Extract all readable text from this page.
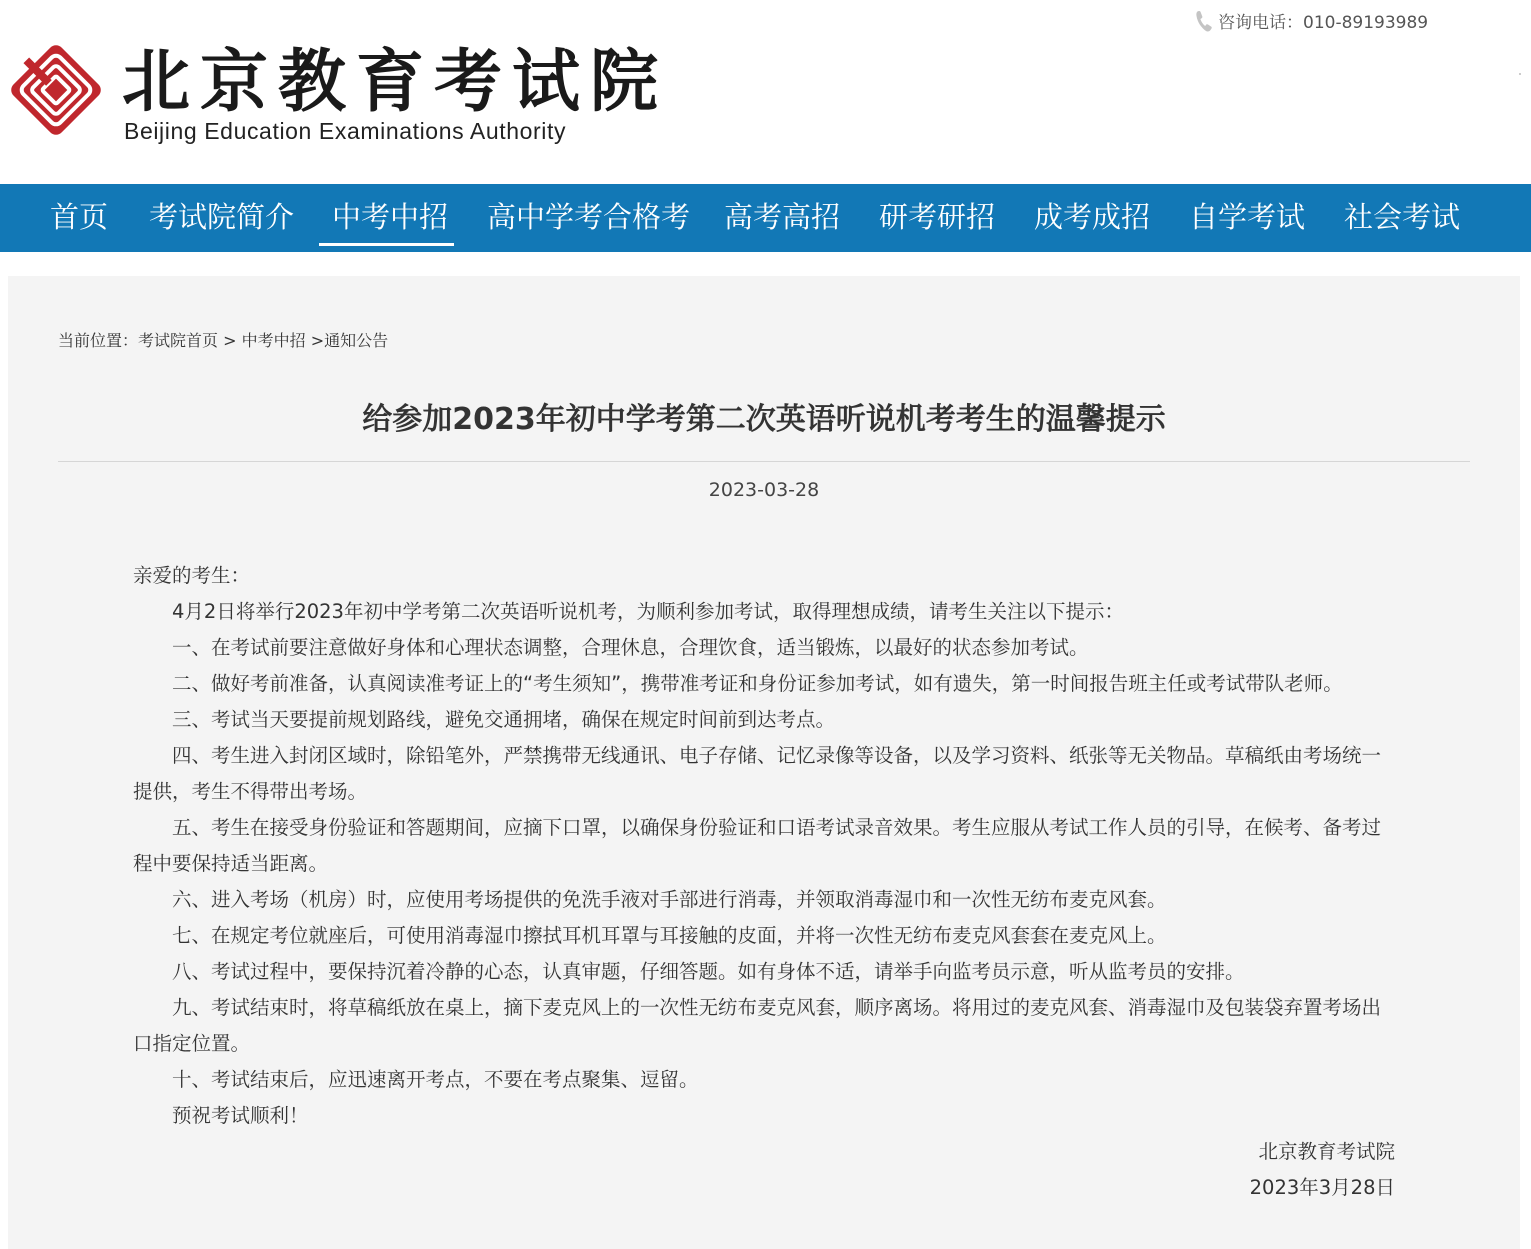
北京教育考试院
Beijing Education Examinations Authority
咨询电话：010-89193989
首页 考试院简介 中考中招 高中学考合格考 高考高招 研考研招 成考成招 自学考试 社会考试
当前位置：考试院首页 > 中考中招 >通知公告
给参加2023年初中学考第二次英语听说机考考生的温馨提示
2023-03-28

亲爱的考生：

4月2日将举行2023年初中学考第二次英语听说机考，为顺利参加考试，取得理想成绩，请考生关注以下提示：

一、在考试前要注意做好身体和心理状态调整，合理休息，合理饮食，适当锻炼，以最好的状态参加考试。

二、做好考前准备，认真阅读准考证上的“考生须知”，携带准考证和身份证参加考试，如有遗失，第一时间报告班主任或考试带队老师。

三、考试当天要提前规划路线，避免交通拥堵，确保在规定时间前到达考点。

四、考生进入封闭区域时，除铅笔外，严禁携带无线通讯、电子存储、记忆录像等设备，以及学习资料、纸张等无关物品。草稿纸由考场统一提供，考生不得带出考场。

五、考生在接受身份验证和答题期间，应摘下口罩，以确保身份验证和口语考试录音效果。考生应服从考试工作人员的引导，在候考、备考过程中要保持适当距离。

六、进入考场（机房）时，应使用考场提供的免洗手液对手部进行消毒，并领取消毒湿巾和一次性无纺布麦克风套。

七、在规定考位就座后，可使用消毒湿巾擦拭耳机耳罩与耳接触的皮面，并将一次性无纺布麦克风套套在麦克风上。

八、考试过程中，要保持沉着冷静的心态，认真审题，仔细答题。如有身体不适，请举手向监考员示意，听从监考员的安排。

九、考试结束时，将草稿纸放在桌上，摘下麦克风上的一次性无纺布麦克风套，顺序离场。将用过的麦克风套、消毒湿巾及包装袋弃置考场出口指定位置。

十、考试结束后，应迅速离开考点，不要在考点聚集、逗留。

预祝考试顺利！

北京教育考试院

2023年3月28日
